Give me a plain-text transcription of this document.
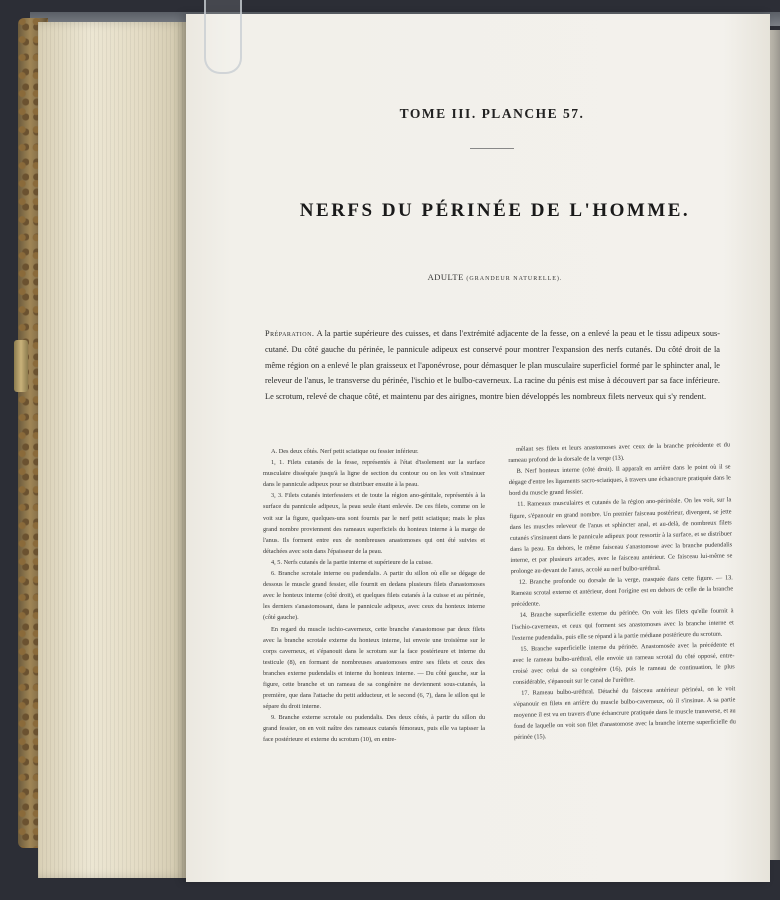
TOME III. PLANCHE 57.
NERFS DU PÉRINÉE DE L'HOMME.
ADULTE (GRANDEUR NATURELLE).

Préparation. A la partie supérieure des cuisses, et dans l'extrémité adjacente de la fesse, on a enlevé la peau et le tissu adipeux sous-cutané. Du côté gauche du périnée, le pannicule adipeux est conservé pour montrer l'expansion des nerfs cutanés. Du côté droit de la même région on a enlevé le plan graisseux et l'aponévrose, pour démasquer le plan musculaire superficiel formé par le sphincter anal, le releveur de l'anus, le transverse du périnée, l'ischio et le bulbo-caverneux. La racine du pénis est mise à découvert par sa face inférieure. Le scrotum, relevé de chaque côté, et maintenu par des airignes, montre bien développés les nombreux filets nerveux qui s'y rendent.

A. Des deux côtés. Nerf petit sciatique ou fessier inférieur.

1, 1. Filets cutanés de la fesse, représentés à l'état d'isolement sur la surface musculaire disséquée jusqu'à la ligne de section du contour ou on les voit s'insinuer dans le pannicule adipeux pour se distribuer ensuite à la peau.

3, 3. Filets cutanés interfessiers et de toute la région ano-génitale, représentés à la surface du pannicule adipeux, la peau seule étant enlevée. De ces filets, comme on le voit sur la figure, quelques-uns sont fournis par le nerf petit sciatique; mais le plus grand nombre proviennent des rameaux superficiels du honteux interne à la marge de l'anus. Ils forment entre eux de nombreuses anastomoses qui ont été suivies et détachées avec soin dans l'épaisseur de la peau.

4, 5. Nerfs cutanés de la partie interne et supérieure de la cuisse.

6. Branche scrotale interne ou pudendalis. A partir du sillon où elle se dégage de dessous le muscle grand fessier, elle fournit en dedans plusieurs filets d'anastomoses avec le honteux interne (côté droit), et quelques filets cutanés à la cuisse et au périnée, les derniers s'anastomosant, dans le pannicule adipeux, avec ceux du honteux interne (côté gauche).

En regard du muscle ischio-caverneux, cette branche s'anastomose par deux filets avec la branche scrotale externe du honteux interne, lui envoie une troisième sur le corps caverneux, et s'épanouit dans le scrotum sur la face postérieure et interne du testicule (8), en formant de nombreuses anastomoses entre ses filets et ceux des branches externe pudendalis et interne du honteux interne. — Du côté gauche, sur la figure, cette branche et un rameau de sa congénère ne deviennent sous-cutanés, la première, que dans l'attache du petit adducteur, et le second (6, 7), dans le sillon qui le sépare du droit interne.

9. Branche externe scrotale ou pudendalis. Des deux côtés, à partir du sillon du grand fessier, on en voit naître des rameaux cutanés fémoraux, puis elle va tapisser la face postérieure et externe du scrotum (10), en entre-

mêlant ses filets et leurs anastomoses avec ceux de la branche précédente et du rameau profond de la dorsale de la verge (13).

B. Nerf honteux interne (côté droit). Il apparaît en arrière dans le point où il se dégage d'entre les ligaments sacro-sciatiques, à travers une échancrure pratiquée dans le bord du muscle grand fessier.

11. Rameaux musculaires et cutanés de la région ano-périnéale. On les voit, sur la figure, s'épanouir en grand nombre. Un premier faisceau postérieur, divergent, se jette dans les muscles releveur de l'anus et sphincter anal, et au-delà, de nombreux filets cutanés s'insinuent dans le pannicule adipeux pour ressortir à la surface, et se distribuer dans la peau. En dehors, le même faisceau s'anastomose avec la branche pudendalis interne, et par plusieurs arcades, avec le faisceau antérieur. Ce faisceau lui-même se prolonge au-devant de l'anus, accolé au nerf bulbo-uréthral.

12. Branche profonde ou dorsale de la verge, masquée dans cette figure. — 13. Rameau scrotal externe et antérieur, dont l'origine est en dehors de celle de la branche précédente.

14. Branche superficielle externe du périnée. On voit les filets qu'elle fournit à l'ischio-caverneux, et ceux qui forment ses anastomoses avec la branche interne et l'externe pudendalis, puis elle se répand à la partie médiane postérieure du scrotum.

15. Branche superficielle interne du périnée. Anastomosée avec la précédente et avec le rameau bulbo-uréthral, elle envoie un rameau scrotal du côté opposé, entre-croisé avec celui de sa congénère (16), puis le rameau de continuation, le plus considérable, s'épanouit sur le canal de l'urèthre.

17. Rameau bulbo-uréthral. Détaché du faisceau antérieur périnéal, on le voit s'épanouir en filets en arrière du muscle bulbo-caverneux, où il s'insinue. A sa partie moyenne il est vu en travers d'une échancrure pratiquée dans le muscle transverse, et au fond de laquelle on voit son filet d'anastomose avec la branche interne superficielle du périnée (15).
